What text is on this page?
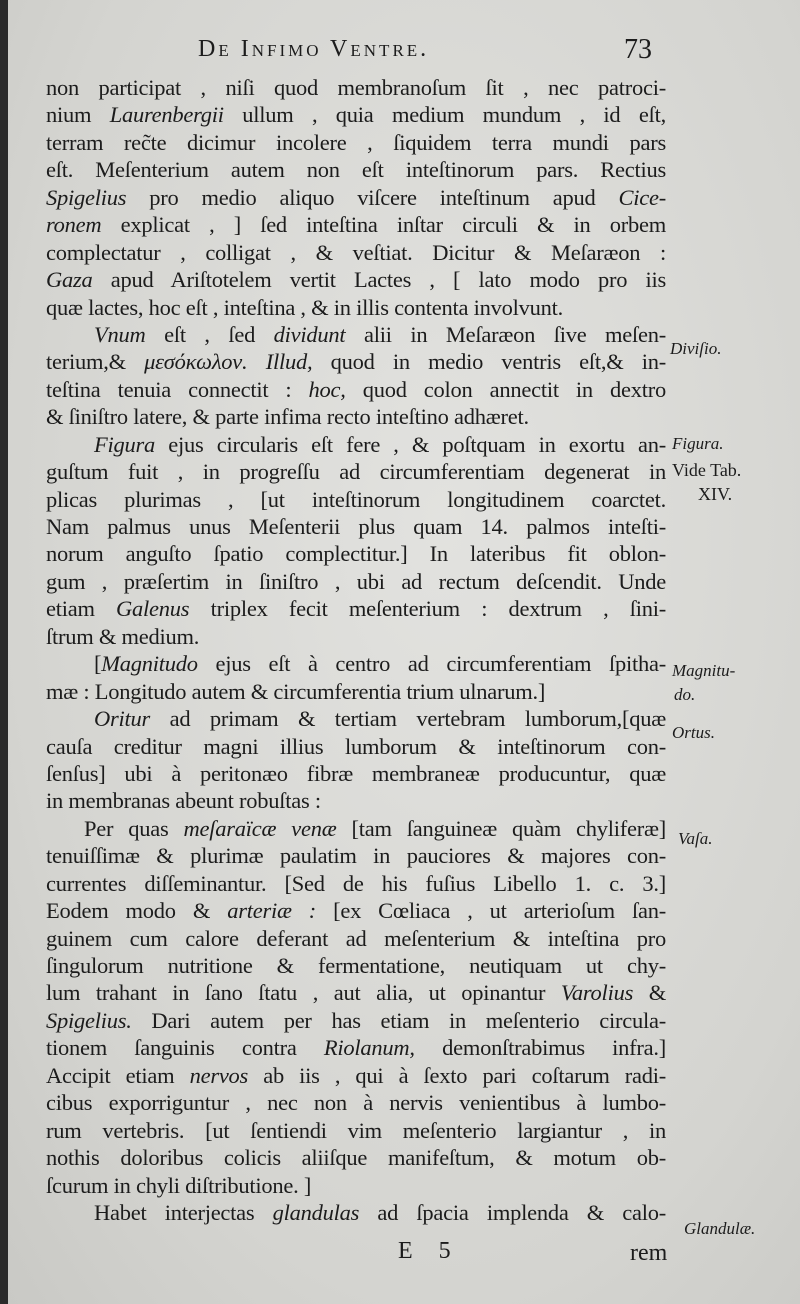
De Infimo Ventre.	73
non participat , niſi quod membranoſum ſit , nec patroci-
nium Laurenbergii ullum , quia medium mundum , id eſt,
terram rec̃te dicimur incolere , ſiquidem terra mundi pars
eſt. Meſenterium autem non eſt inteſtinorum pars. Rectius
Spigelius pro medio aliquo viſcere inteſtinum apud Cice-
ronem explicat , ] ſed inteſtina inſtar circuli & in orbem
complectatur , colligat , & veſtiat. Dicitur & Meſaræon :
Gaza apud Ariſtotelem vertit Lactes , [ lato modo pro iis
quæ lactes, hoc eſt , inteſtina , & in illis contenta involvunt.
Vnum eſt , ſed dividunt alii in Meſaræon ſive meſen-
terium,& μεσόκωλον. Illud, quod in medio ventris eſt,& in-
teſtina tenuia connectit : hoc, quod colon annectit in dextro
& ſiniſtro latere, & parte infima recto inteſtino adhæret.
Figura ejus circularis eſt fere , & poſtquam in exortu an-
guſtum fuit , in progreſſu ad circumferentiam degenerat in
plicas plurimas , [ut inteſtinorum longitudinem coarctet.
Nam palmus unus Meſenterii plus quam 14. palmos inteſti-
norum anguſto ſpatio complectitur.] In lateribus fit oblon-
gum , præſertim in ſiniſtro , ubi ad rectum deſcendit. Unde
etiam Galenus triplex fecit meſenterium : dextrum , ſini-
ſtrum & medium.
[Magnitudo ejus eſt à centro ad circumferentiam ſpitha-
mæ : Longitudo autem & circumferentia trium ulnarum.]
Oritur ad primam & tertiam vertebram lumborum,[quæ
cauſa creditur magni illius lumborum & inteſtinorum con-
ſenſus] ubi à peritonæo fibræ membraneæ producuntur, quæ
in membranas abeunt robuſtas :
Per quas meſaraïcæ venæ [tam ſanguineæ quàm chyliferæ]
tenuiſſimæ & plurimæ paulatim in pauciores & majores con-
currentes diſſeminantur. [Sed de his fuſius Libello 1. c. 3.]
Eodem modo & arteriæ : [ex Cœliaca , ut arterioſum ſan-
guinem cum calore deferant ad meſenterium & inteſtina pro
ſingulorum nutritione & fermentatione, neutiquam ut chy-
lum trahant in ſano ſtatu , aut alia, ut opinantur Varolius &
Spigelius. Dari autem per has etiam in meſenterio circula-
tionem ſanguinis contra Riolanum, demonſtrabimus infra.]
Accipit etiam nervos ab iis , qui à ſexto pari coſtarum radi-
cibus exporriguntur , nec non à nervis venientibus à lumbo-
rum vertebris. [ut ſentiendi vim meſenterio largiantur , in
nothis doloribus colicis aliiſque manifeſtum, & motum ob-
ſcurum in chyli diſtributione. ]
Habet interjectas glandulas ad ſpacia implenda & calo-
Diviſio.
Figura.
Vide Tab.
XIV.
Magnitu-
do.
Ortus.
Vaſa.
Glandulæ.
E 5	rem
